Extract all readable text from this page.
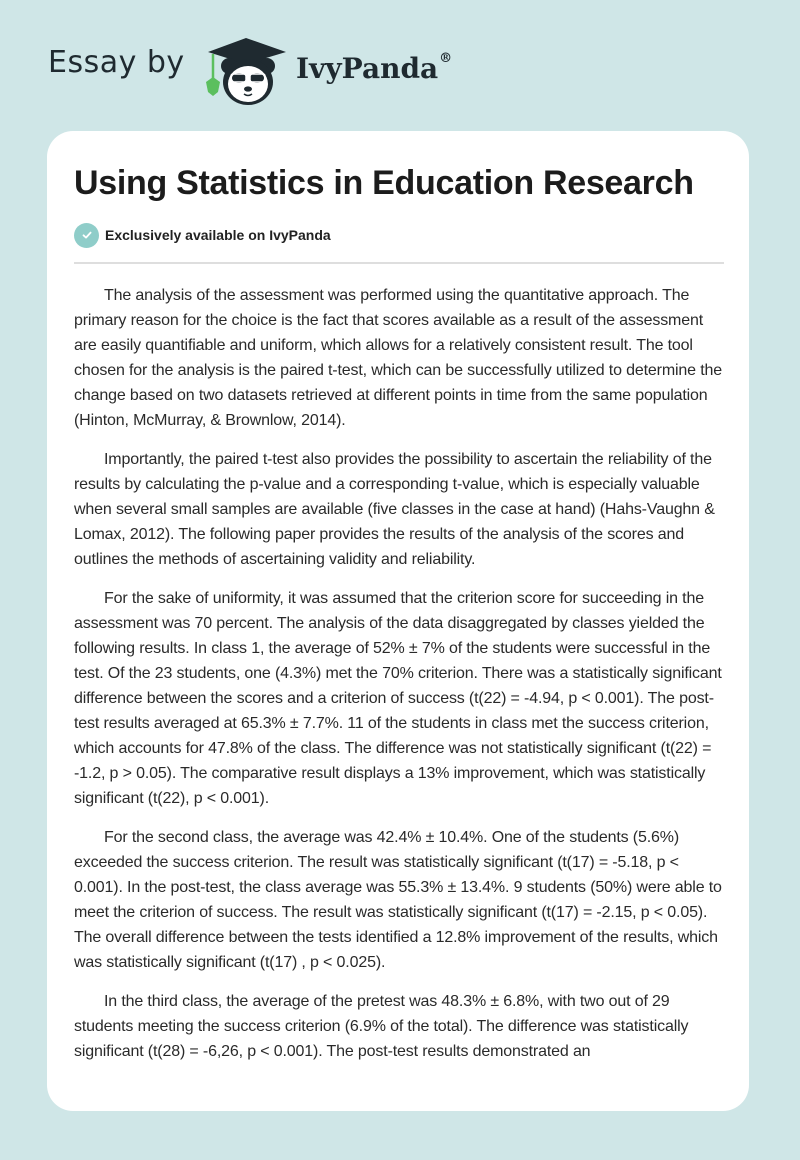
Essay by	IvyPanda®
Using Statistics in Education Research
Exclusively available on IvyPanda

The analysis of the assessment was performed using the quantitative approach. The primary reason for the choice is the fact that scores available as a result of the assessment are easily quantifiable and uniform, which allows for a relatively consistent result. The tool chosen for the analysis is the paired t-test, which can be successfully utilized to determine the change based on two datasets retrieved at different points in time from the same population (Hinton, McMurray, & Brownlow, 2014).

Importantly, the paired t-test also provides the possibility to ascertain the reliability of the results by calculating the p-value and a corresponding t-value, which is especially valuable when several small samples are available (five classes in the case at hand) (Hahs-Vaughn & Lomax, 2012). The following paper provides the results of the analysis of the scores and outlines the methods of ascertaining validity and reliability.

For the sake of uniformity, it was assumed that the criterion score for succeeding in the assessment was 70 percent. The analysis of the data disaggregated by classes yielded the following results. In class 1, the average of 52% ± 7% of the students were successful in the test. Of the 23 students, one (4.3%) met the 70% criterion. There was a statistically significant difference between the scores and a criterion of success (t(22) = -4.94, p < 0.001). The post-test results averaged at 65.3% ± 7.7%. 11 of the students in class met the success criterion, which accounts for 47.8% of the class. The difference was not statistically significant (t(22) = -1.2, p > 0.05). The comparative result displays a 13% improvement, which was statistically significant (t(22), p < 0.001).

For the second class, the average was 42.4% ± 10.4%. One of the students (5.6%) exceeded the success criterion. The result was statistically significant (t(17) = -5.18, p < 0.001). In the post-test, the class average was 55.3% ± 13.4%. 9 students (50%) were able to meet the criterion of success. The result was statistically significant (t(17) = -2.15, p < 0.05). The overall difference between the tests identified a 12.8% improvement of the results, which was statistically significant (t(17) , p < 0.025).

In the third class, the average of the pretest was 48.3% ± 6.8%, with two out of 29 students meeting the success criterion (6.9% of the total). The difference was statistically significant (t(28) = -6,26, p < 0.001). The post-test results demonstrated an
